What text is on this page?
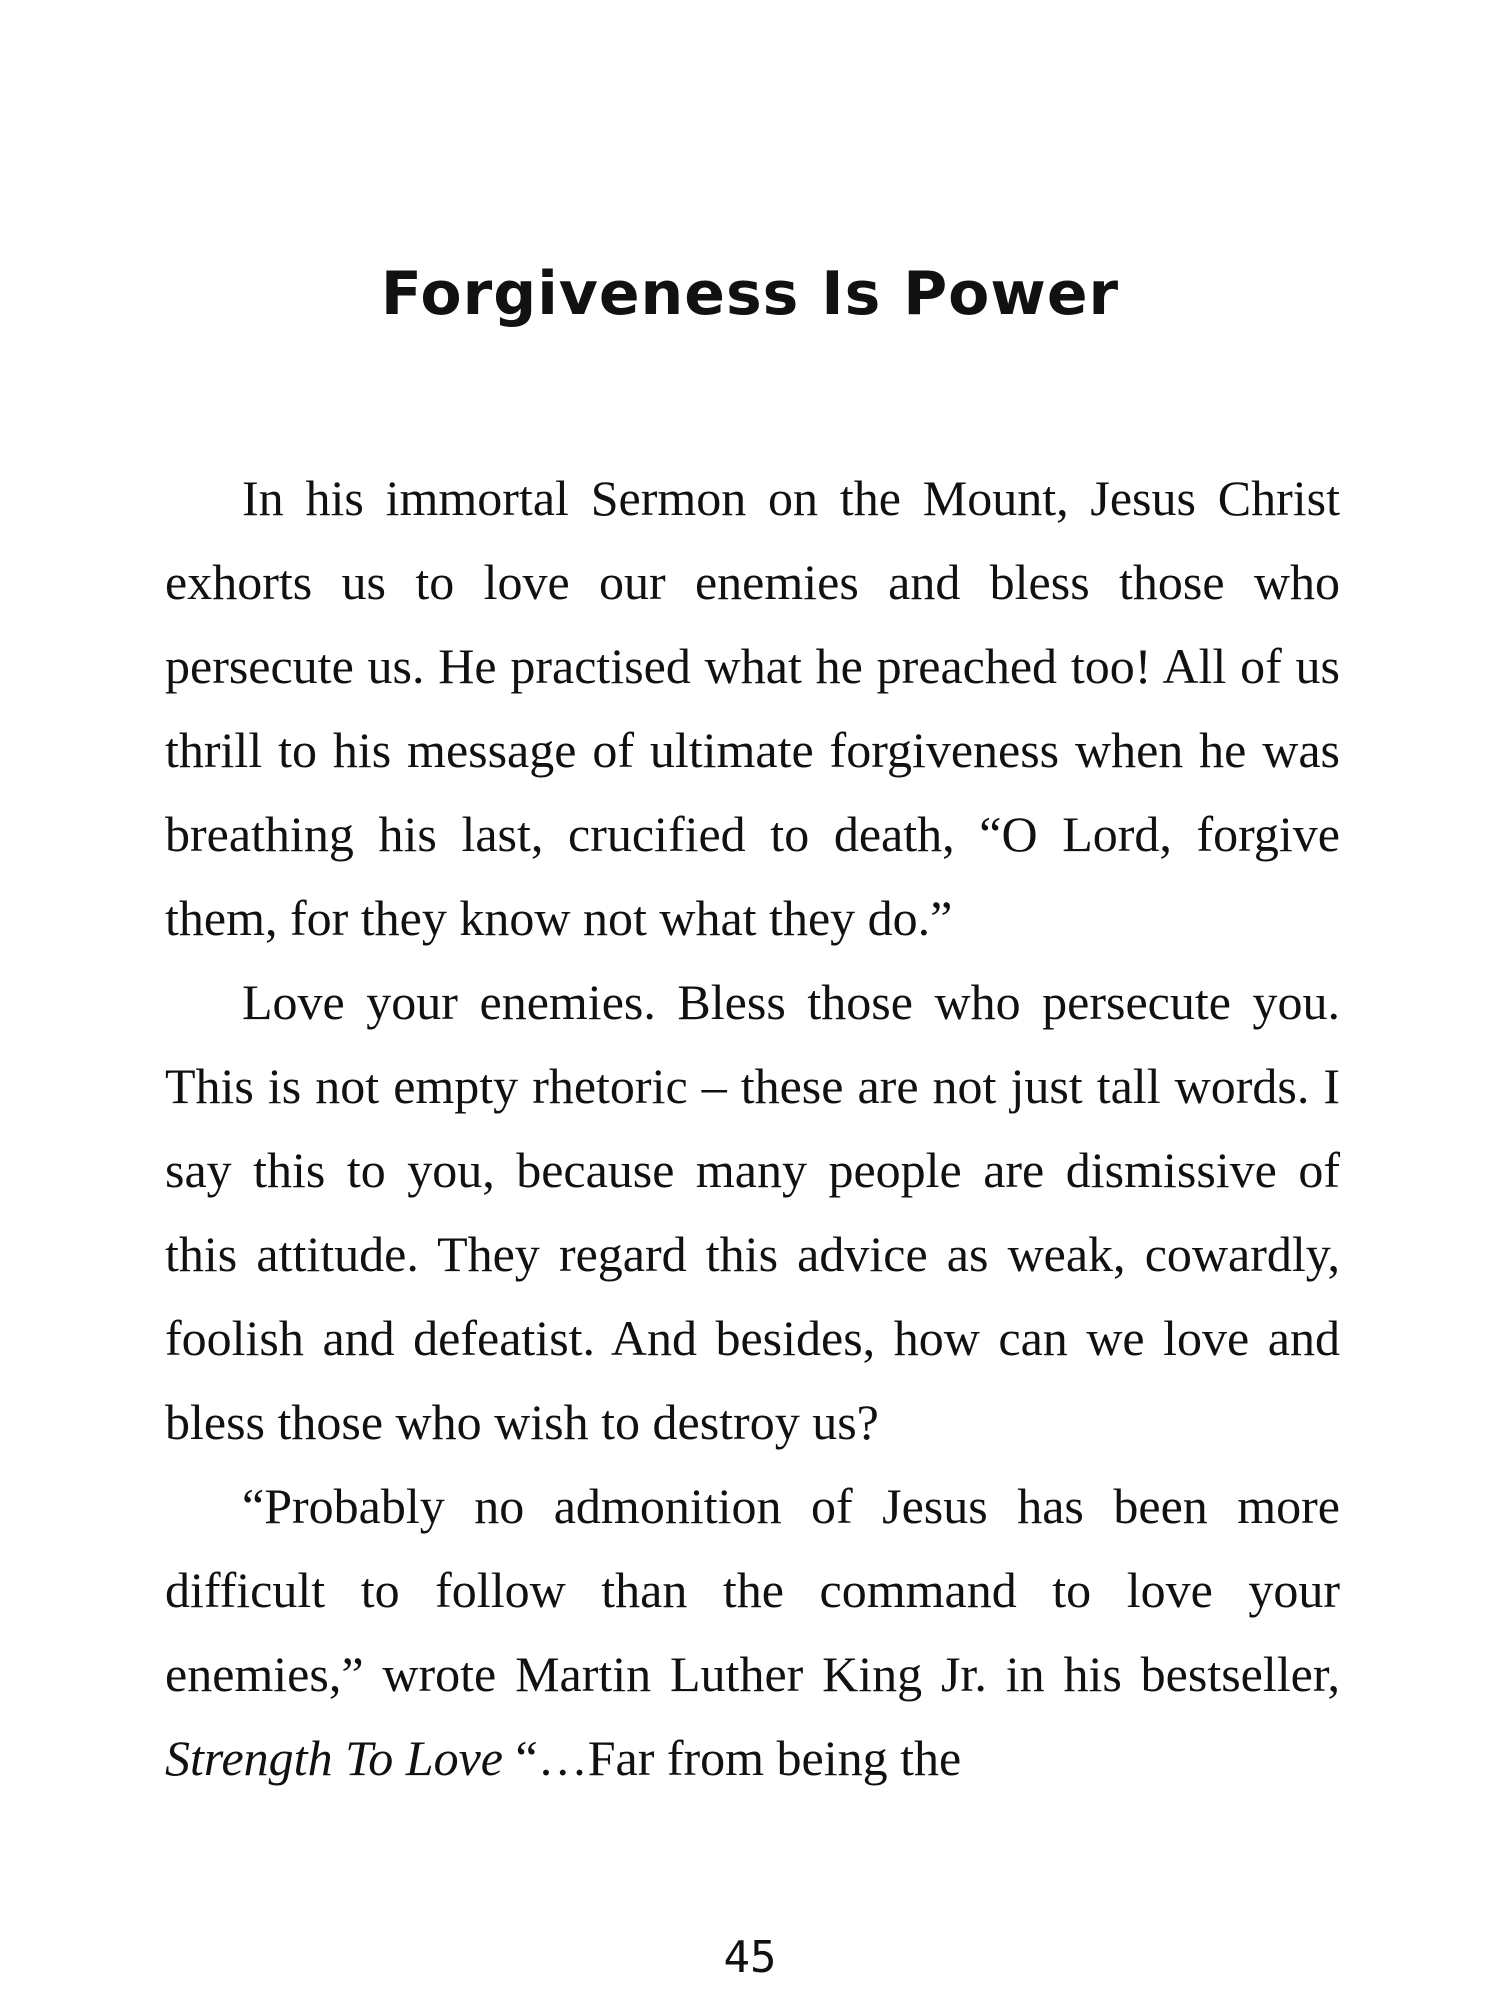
Forgiveness Is Power

In his immortal Sermon on the Mount, Jesus Christ exhorts us to love our enemies and bless those who persecute us. He practised what he preached too! All of us thrill to his message of ultimate forgiveness when he was breathing his last, crucified to death, “O Lord, forgive them, for they know not what they do.”

Love your enemies. Bless those who persecute you. This is not empty rhetoric – these are not just tall words. I say this to you, because many people are dismissive of this attitude. They regard this advice as weak, cowardly, foolish and defeatist. And besides, how can we love and bless those who wish to destroy us?

“Probably no admonition of Jesus has been more difficult to follow than the command to love your enemies,” wrote Martin Luther King Jr. in his bestseller, Strength To Love “…Far from being the

45
